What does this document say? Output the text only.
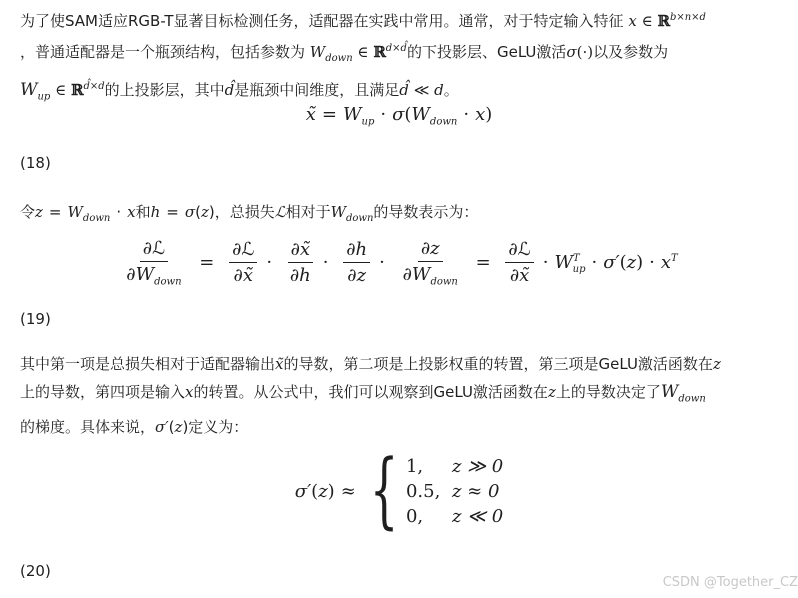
为了使SAM适应RGB-T显著目标检测任务，适配器在实践中常用。通常，对于特定输入特征 x ∈ ℝ$^{b\times n\times d}$
，普通适配器是一个瓶颈结构，包括参数为 $W_{down}$ ∈ ℝ$^{d\times d̂}$的下投影层、GeLU激活σ(·)以及参数为
$W_{up}$ ∈ ℝ$^{d̂\times d}$的上投影层，其中d̂是瓶颈中间维度，且满足d̂ ≪ d。
x̃ = $W_{up} \cdot \sigma(W_{down} \cdot x)$
(18)
令$z = W_{down} \cdot x$和h = σ(z)，总损失ℒ相对于$W_{down}$的导数表示为：
$\frac{\text{∂ℒ}}{\partial W_{down}} = \frac{\text{∂ℒ}}{\partial x̃} \cdot \frac{\partial x̃}{\partial h} \cdot \frac{\partial h}{\partial z} \cdot \frac{\partial z}{\partial W_{down}} = \frac{\text{∂ℒ}}{\partial x̃} \cdot W^T_{up} \cdot \sigma'(z) \cdot x^T$
(19)
其中第一项是总损失相对于适配器输出x̃的导数，第二项是上投影权重的转置，第三项是GeLU激活函数在z
上的导数，第四项是输入x的转置。从公式中，我们可以观察到GeLU激活函数在z上的导数决定了$W_{down}$
的梯度。具体来说，σ′(z)定义为：
σ′ ( z ) ≈ { 1,	z ≫ 0
0.5, z ≈ 0
0,	z ≪ 0
(20)
CSDN @Together_CZ
